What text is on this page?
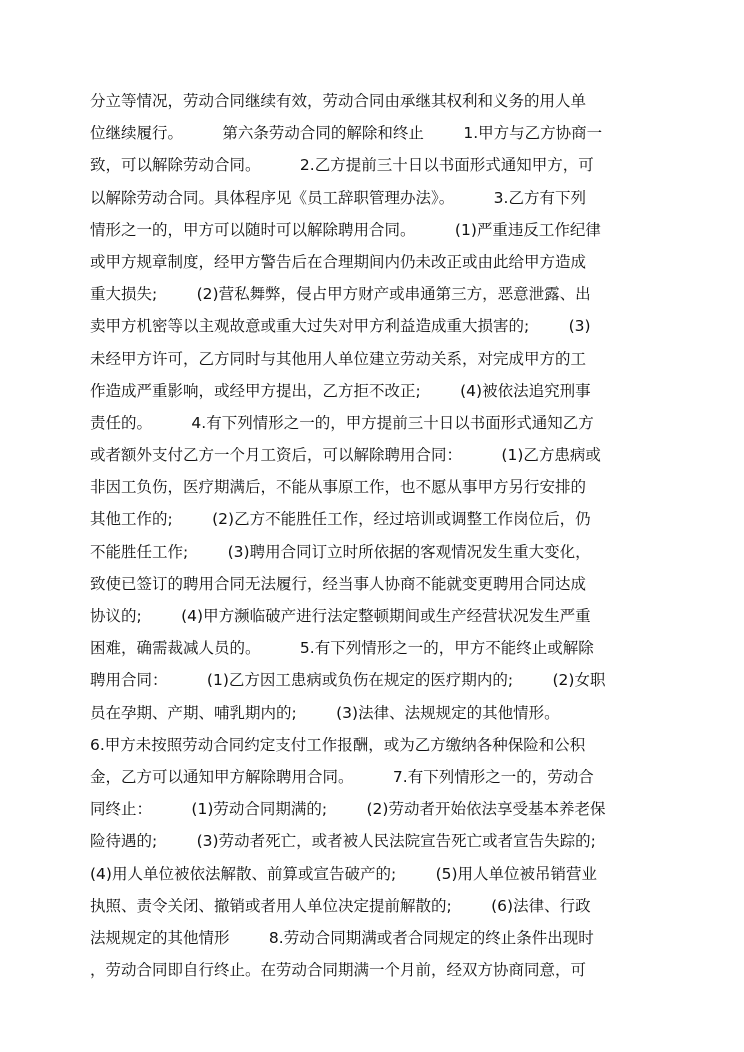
分立等情况，劳动合同继续有效，劳动合同由承继其权利和义务的用人单
位继续履行。        第六条劳动合同的解除和终止        1.甲方与乙方协商一
致，可以解除劳动合同。        2.乙方提前三十日以书面形式通知甲方，可
以解除劳动合同。具体程序见《员工辞职管理办法》。        3.乙方有下列
情形之一的，甲方可以随时可以解除聘用合同。        (1)严重违反工作纪律
或甲方规章制度，经甲方警告后在合理期间内仍未改正或由此给甲方造成
重大损失;        (2)营私舞弊，侵占甲方财产或串通第三方，恶意泄露、出
卖甲方机密等以主观故意或重大过失对甲方利益造成重大损害的;        (3)
未经甲方许可，乙方同时与其他用人单位建立劳动关系，对完成甲方的工
作造成严重影响，或经甲方提出，乙方拒不改正;        (4)被依法追究刑事
责任的。        4.有下列情形之一的，甲方提前三十日以书面形式通知乙方
或者额外支付乙方一个月工资后，可以解除聘用合同：        (1)乙方患病或
非因工负伤，医疗期满后，不能从事原工作，也不愿从事甲方另行安排的
其他工作的;        (2)乙方不能胜任工作，经过培训或调整工作岗位后，仍
不能胜任工作;        (3)聘用合同订立时所依据的客观情况发生重大变化，
致使已签订的聘用合同无法履行，经当事人协商不能就变更聘用合同达成
协议的;        (4)甲方濒临破产进行法定整顿期间或生产经营状况发生严重
困难，确需裁减人员的。        5.有下列情形之一的，甲方不能终止或解除
聘用合同：        (1)乙方因工患病或负伤在规定的医疗期内的;        (2)女职
员在孕期、产期、哺乳期内的;        (3)法律、法规规定的其他情形。
6.甲方未按照劳动合同约定支付工作报酬，或为乙方缴纳各种保险和公积
金，乙方可以通知甲方解除聘用合同。        7.有下列情形之一的，劳动合
同终止：        (1)劳动合同期满的;        (2)劳动者开始依法享受基本养老保
险待遇的;        (3)劳动者死亡，或者被人民法院宣告死亡或者宣告失踪的;
(4)用人单位被依法解散、前算或宣告破产的;        (5)用人单位被吊销营业
执照、责令关闭、撤销或者用人单位决定提前解散的;        (6)法律、行政
法规规定的其他情形        8.劳动合同期满或者合同规定的终止条件出现时
，劳动合同即自行终止。在劳动合同期满一个月前，经双方协商同意，可
